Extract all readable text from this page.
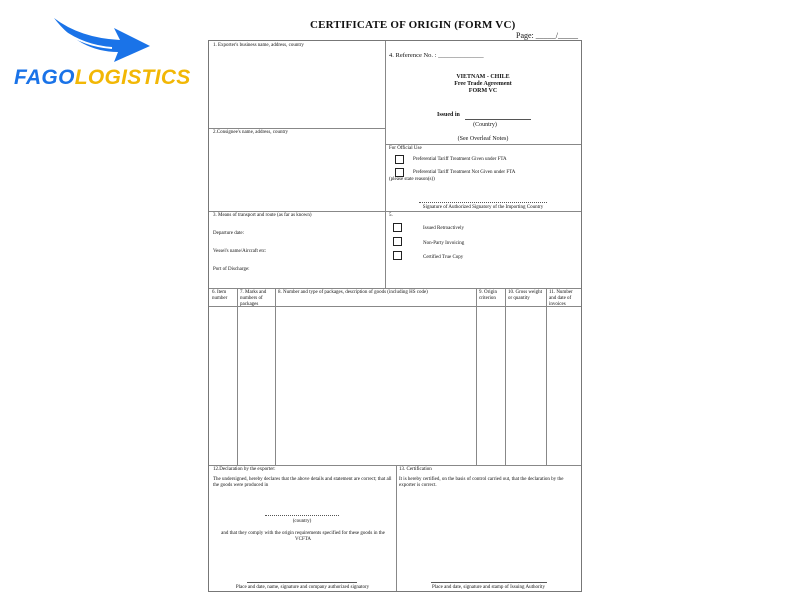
FAGOLOGISTICS
CERTIFICATE OF ORIGIN (FORM VC)
Page: _____/_____
1. Exporter's business name, address, country
2.Consignee's name, address, country
3. Means of transport and route (as far as known)
Departure date:
Vessel's name/Aircraft etc:
Port of Discharge:
4. Reference No. : ______________
VIETNAM - CHILE
Free Trade Agreement
FORM VC
Issued in
(Country)
(See Overleaf Notes)
For Official Use
Preferential Tariff Treatment Given under FTA
Preferential Tariff Treatment Not Given under FTA
(please state reason(s))
Signature of Authorized Signatory of the Importing Country
5.
Issued Retroactively
Non-Party Invoicing
Certified True Copy
6. Item number
7. Marks and numbers of packages
8. Number and type of packages, description of goods (including HS code)	9. Origin criterion
10. Gross weight or quantity
11. Number and date of invoices
12.Declaration by the exporter:
The undersigned, hereby declares that the above details and statement are correct; that all the goods were produced in
(country)
and that they comply with the origin requirements specified for these goods in the VCFTA
Place and date, name, signature and company authorized signatory
13. Certification
It is hereby certified, on the basis of control carried out, that the declaration by the exporter is correct.
Place and date, signature and stamp of Issuing Authority
